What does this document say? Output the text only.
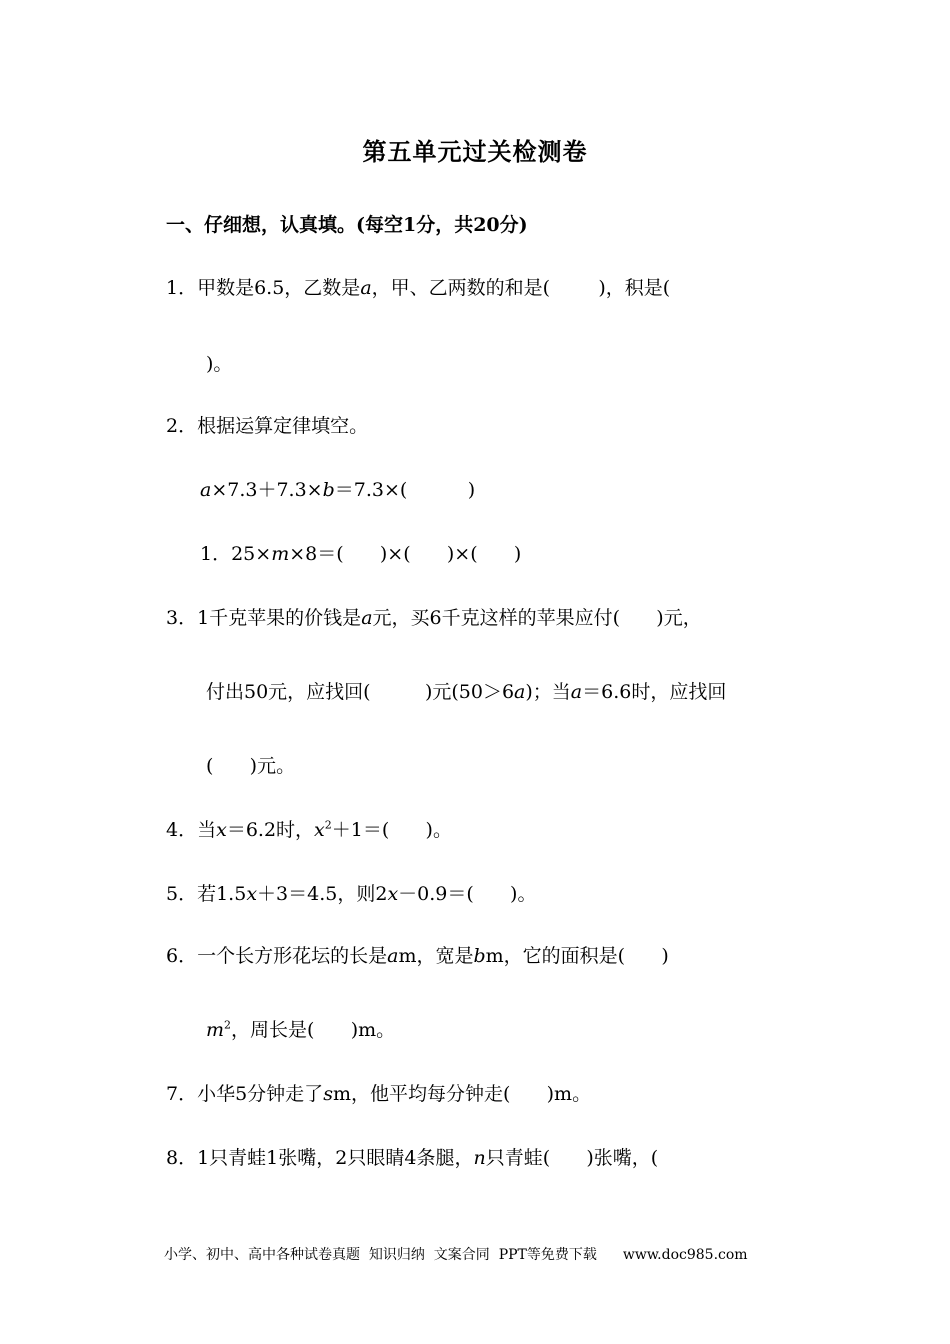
第五单元过关检测卷
一、仔细想，认真填。(每空1分，共20分)
1．甲数是6.5，乙数是a，甲、乙两数的和是(	)，积是(
)。
2．根据运算定律填空。
a×7.3＋7.3×b＝7.3×(	)
1．25×m×8＝( )×( )×( )
3．1千克苹果的价钱是a元，买6千克这样的苹果应付( )元，
付出50元，应找回(	)元(50＞6a)；当a＝6.6时，应找回
( )元。
4．当x＝6.2时，$x^2+1=$( )。
5．若1.5x＋3＝4.5，则2x－0.9＝( )。
6．一个长方形花坛的长是am，宽是bm，它的面积是( )
$m^2$，周长是( )m。
7．小华5分钟走了sm，他平均每分钟走( )m。
8．1只青蛙1张嘴，2只眼睛4条腿，n只青蛙( )张嘴，(
小学、初中、高中各种试卷真题  知识归纳  文案合同  PPT等免费下载 www.doc985.com
